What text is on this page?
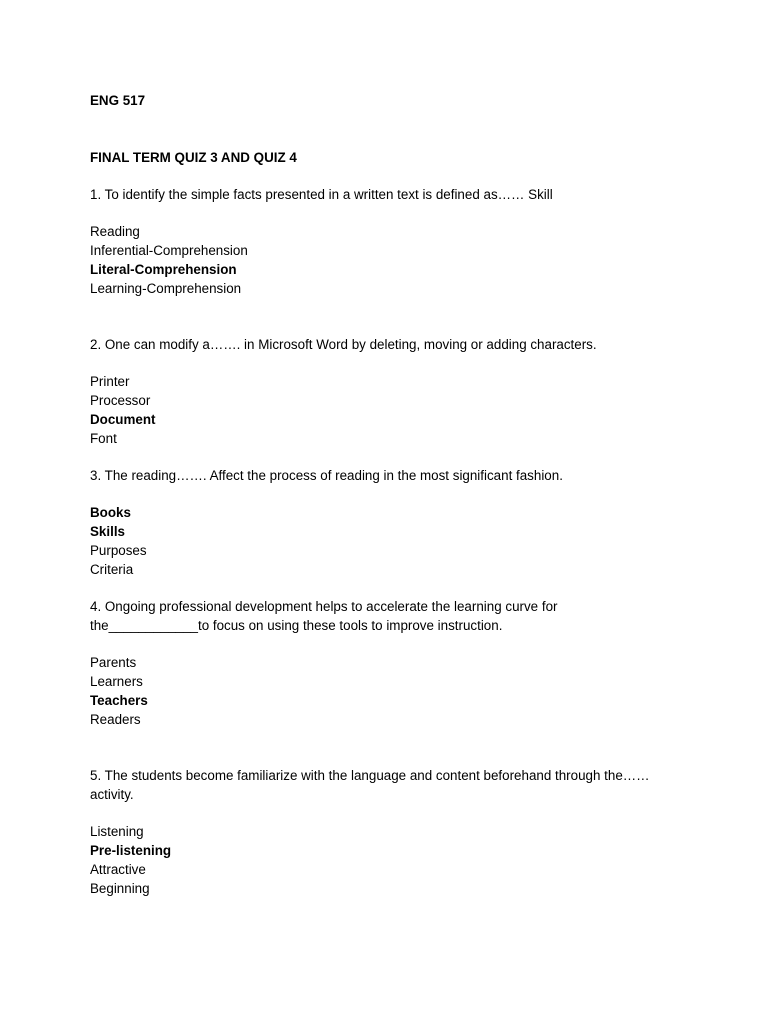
ENG 517
FINAL TERM QUIZ 3 AND QUIZ 4
1. To identify the simple facts presented in a written text is defined as…… Skill
Reading
Inferential-Comprehension
Literal-Comprehension
Learning-Comprehension
2. One can modify a……. in Microsoft Word by deleting, moving or adding characters.
Printer
Processor
Document
Font
3. The reading……. Affect the process of reading in the most significant fashion.
Books
Skills
Purposes
Criteria
4. Ongoing professional development helps to accelerate the learning curve for
the____________to focus on using these tools to improve instruction.
Parents
Learners
Teachers
Readers
5. The students become familiarize with the language and content beforehand through the……
activity.
Listening
Pre-listening
Attractive
Beginning
